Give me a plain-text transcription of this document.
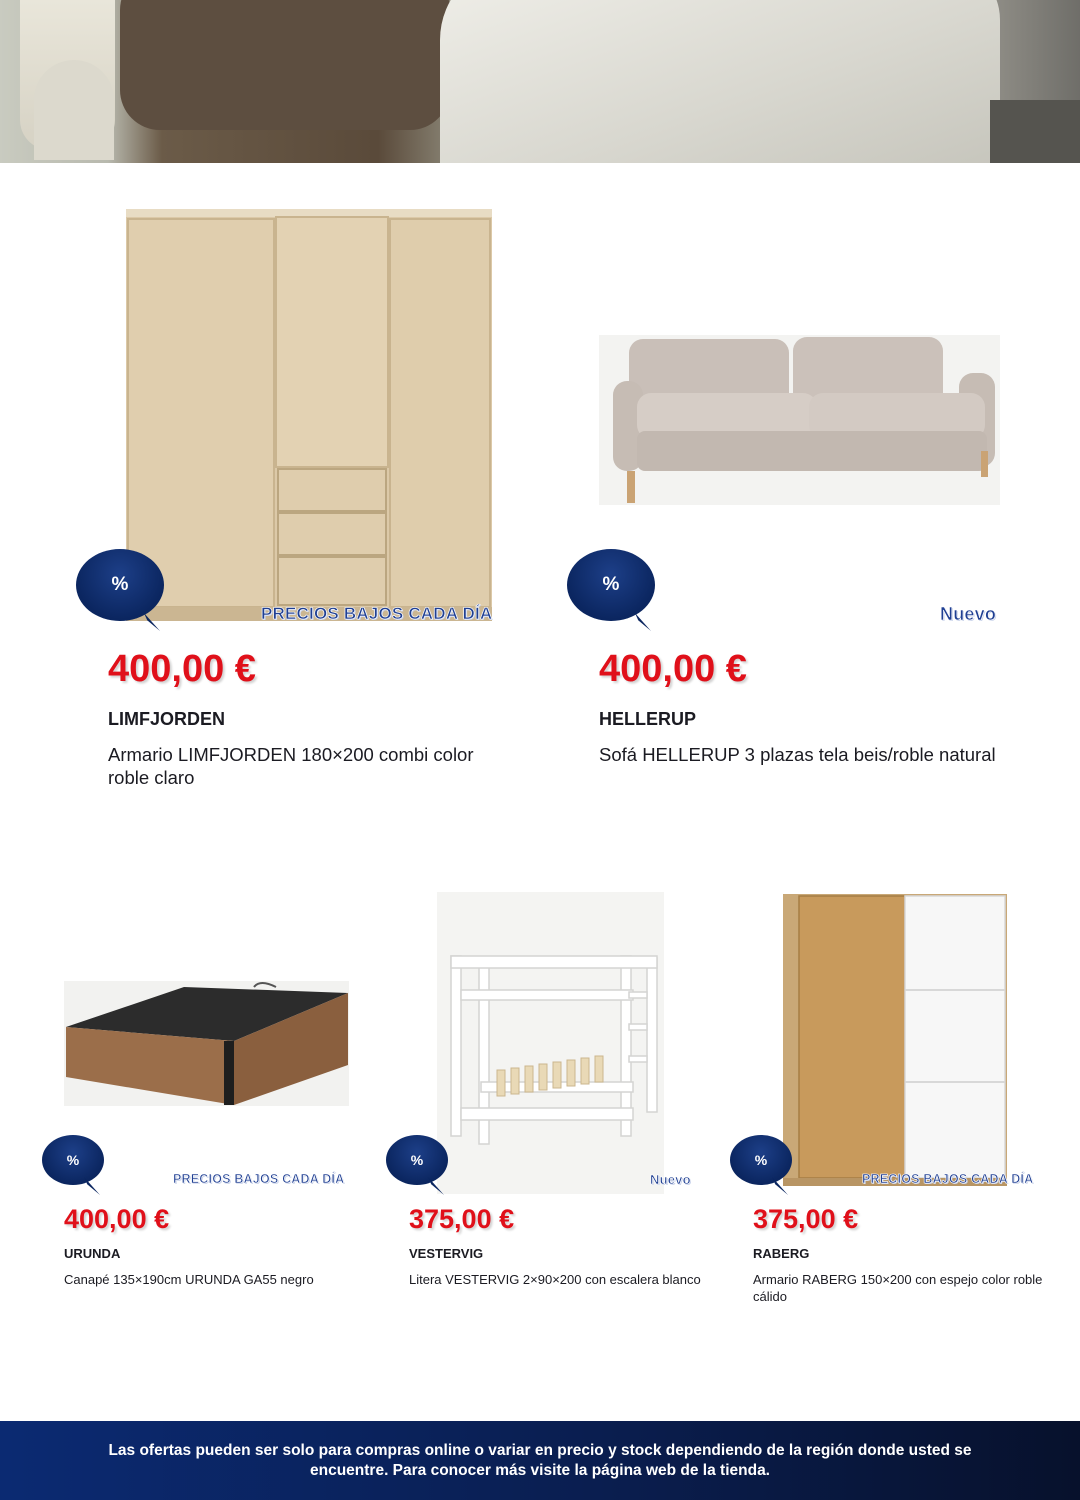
%
PRECIOS BAJOS CADA DÍA
400,00 €
LIMFJORDEN
Armario LIMFJORDEN 180×200 combi color roble claro
%
Nuevo
400,00 €
HELLERUP
Sofá HELLERUP 3 plazas tela beis/roble natural
%
PRECIOS BAJOS CADA DÍA
400,00 €
URUNDA
Canapé 135×190cm URUNDA GA55 negro
%
Nuevo
375,00 €
VESTERVIG
Litera VESTERVIG 2×90×200 con escalera blanco
%
PRECIOS BAJOS CADA DÍA
375,00 €
RABERG
Armario RABERG 150×200 con espejo color roble cálido
Las ofertas pueden ser solo para compras online o variar en precio y stock dependiendo de la región donde usted se encuentre. Para conocer más visite la página web de la tienda.
